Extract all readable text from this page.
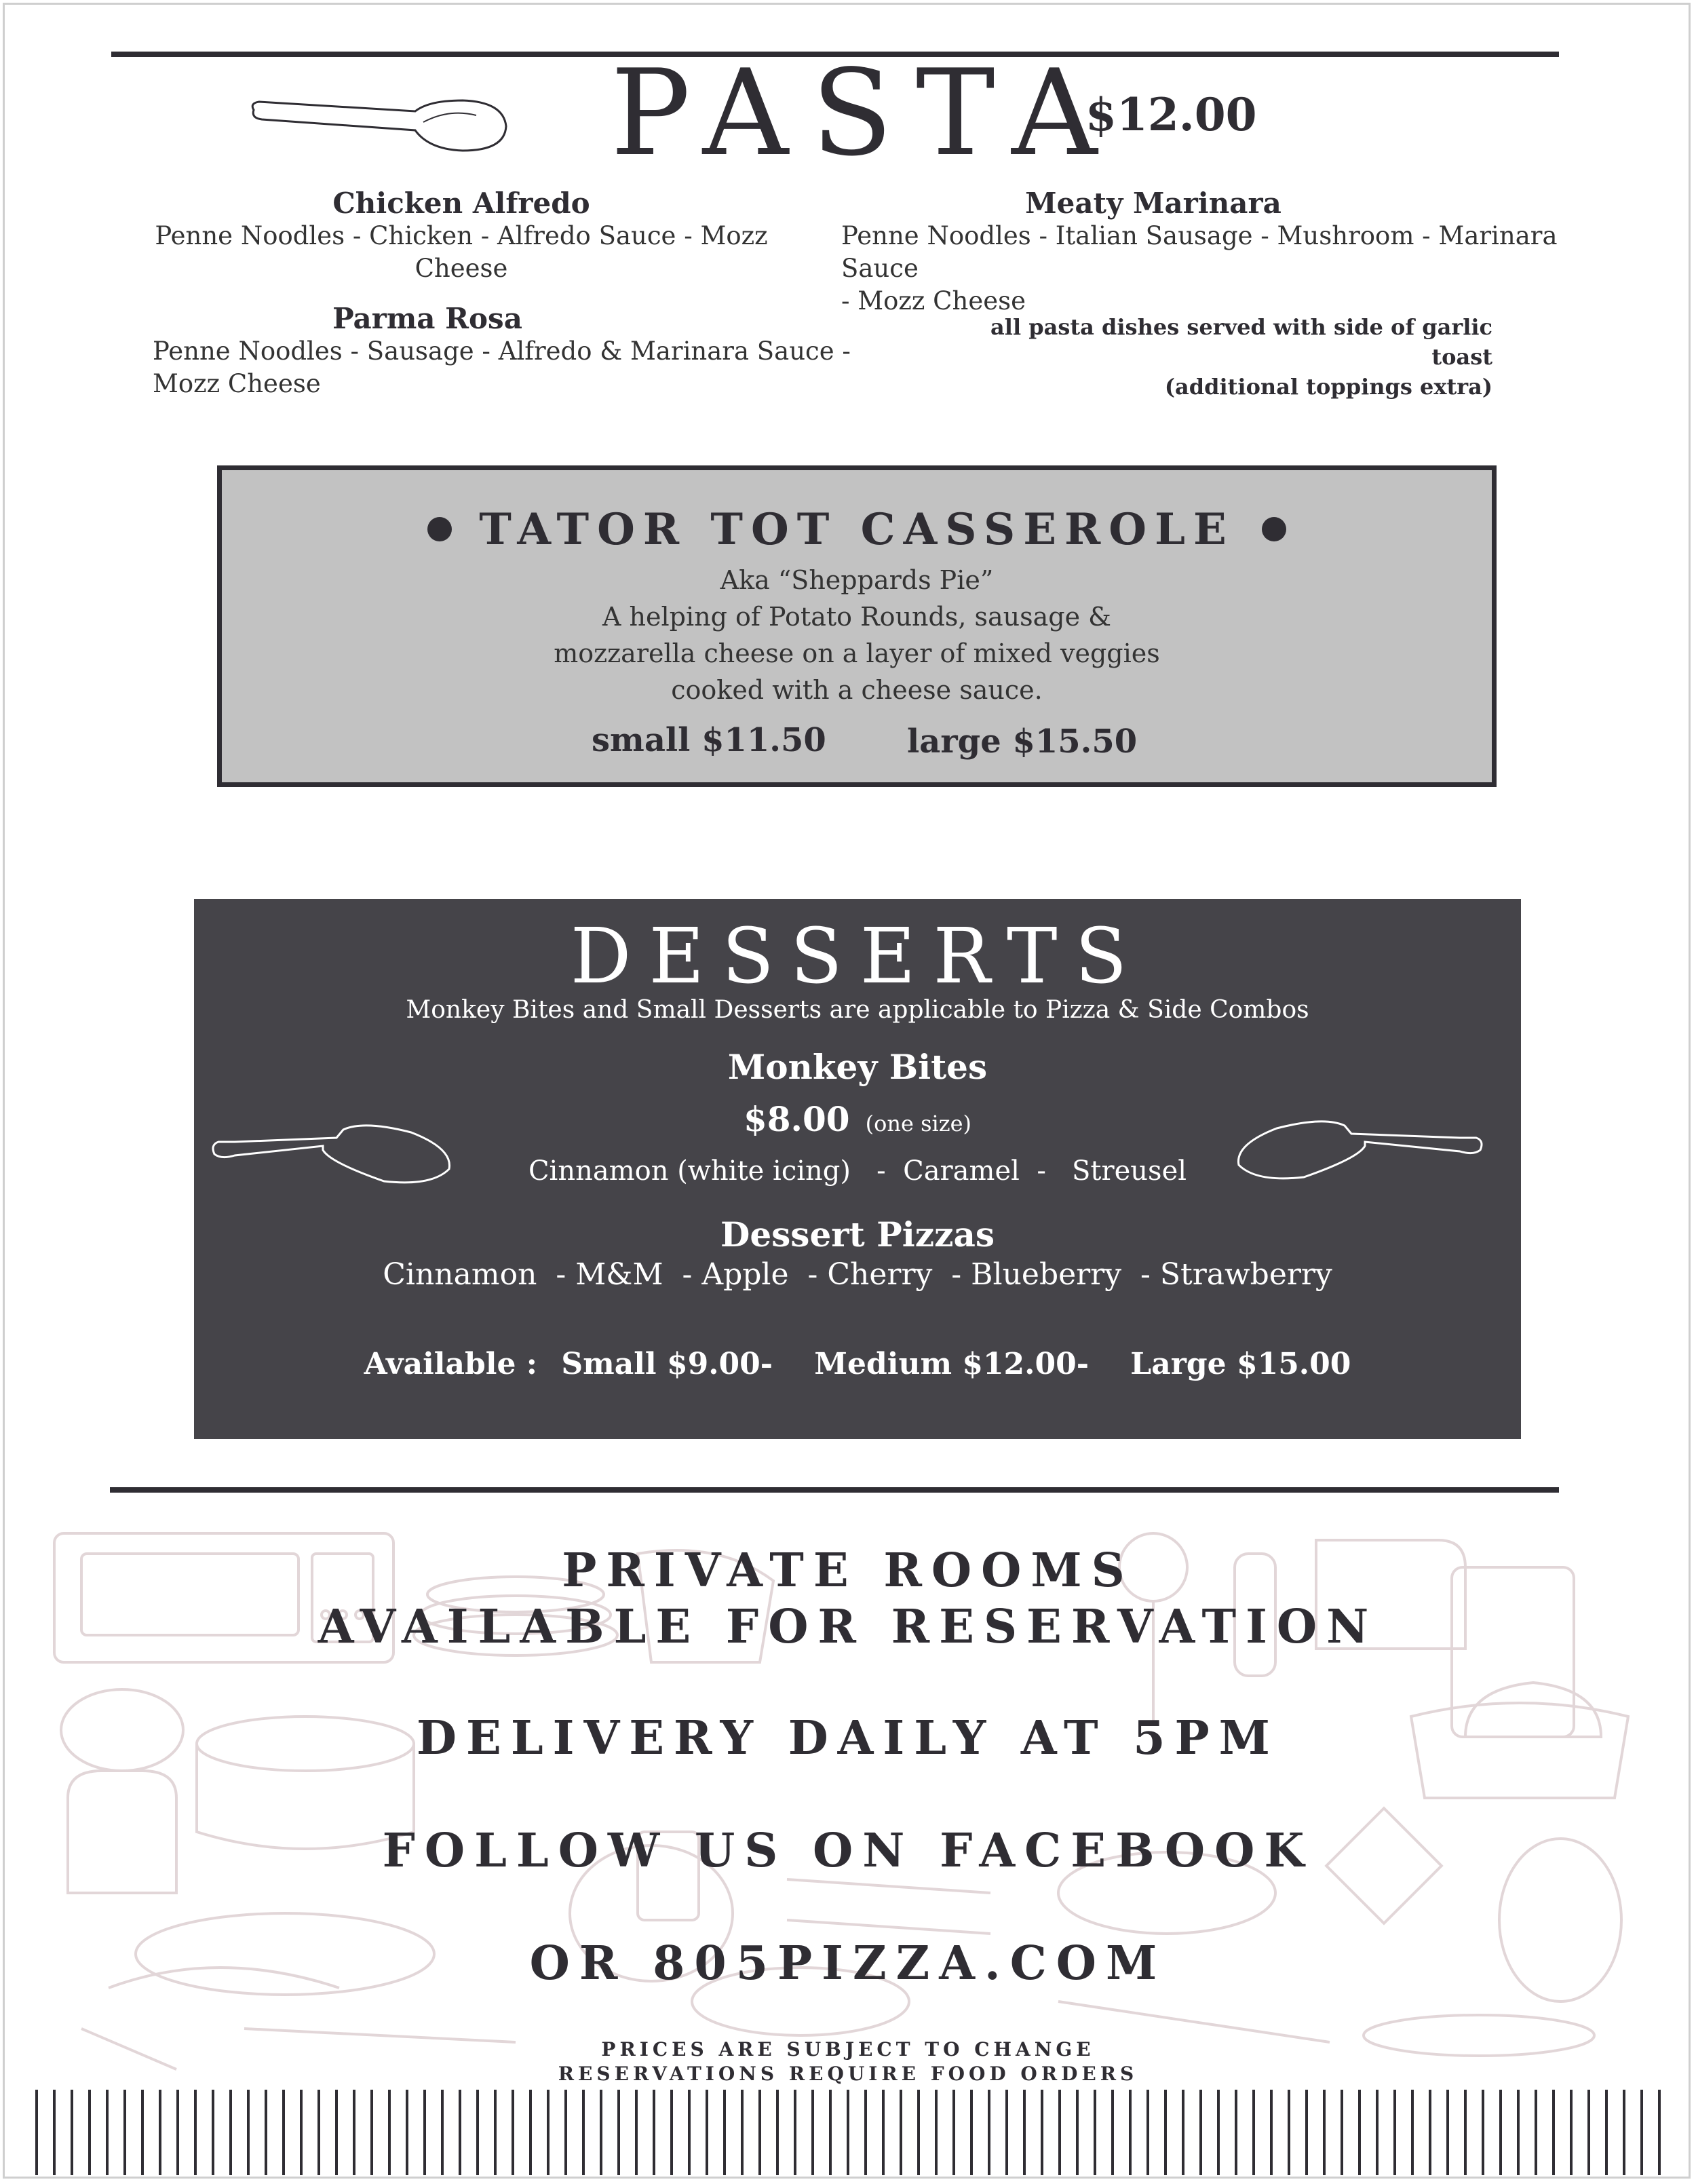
PASTA
$12.00
Chicken Alfredo
Penne Noodles - Chicken - Alfredo Sauce - Mozz Cheese
Meaty Marinara
Penne Noodles - Italian Sausage - Mushroom - Marinara Sauce
- Mozz Cheese
Parma Rosa
Penne Noodles - Sausage - Alfredo & Marinara Sauce - Mozz Cheese
all pasta dishes served with side of garlic toast
(additional toppings extra)
TATOR TOT CASSEROLE
Aka “Sheppards Pie”
A helping of Potato Rounds, sausage &
mozzarella cheese on a layer of mixed veggies
cooked with a cheese sauce.
small $11.50 large $15.50
DESSERTS
Monkey Bites and Small Desserts are applicable to Pizza & Side Combos
Monkey Bites
$8.00 (one size)
Cinnamon (white icing)   -  Caramel  -   Streusel
Dessert Pizzas
Cinnamon  - M&M  - Apple  - Cherry  - Blueberry  - Strawberry
Available : Small $9.00-    Medium $12.00-    Large $15.00
PRIVATE ROOMS
AVAILABLE FOR RESERVATION
DELIVERY DAILY AT 5PM
FOLLOW US ON FACEBOOK
OR 805PIZZA.COM
PRICES ARE SUBJECT TO CHANGE
RESERVATIONS REQUIRE FOOD ORDERS
